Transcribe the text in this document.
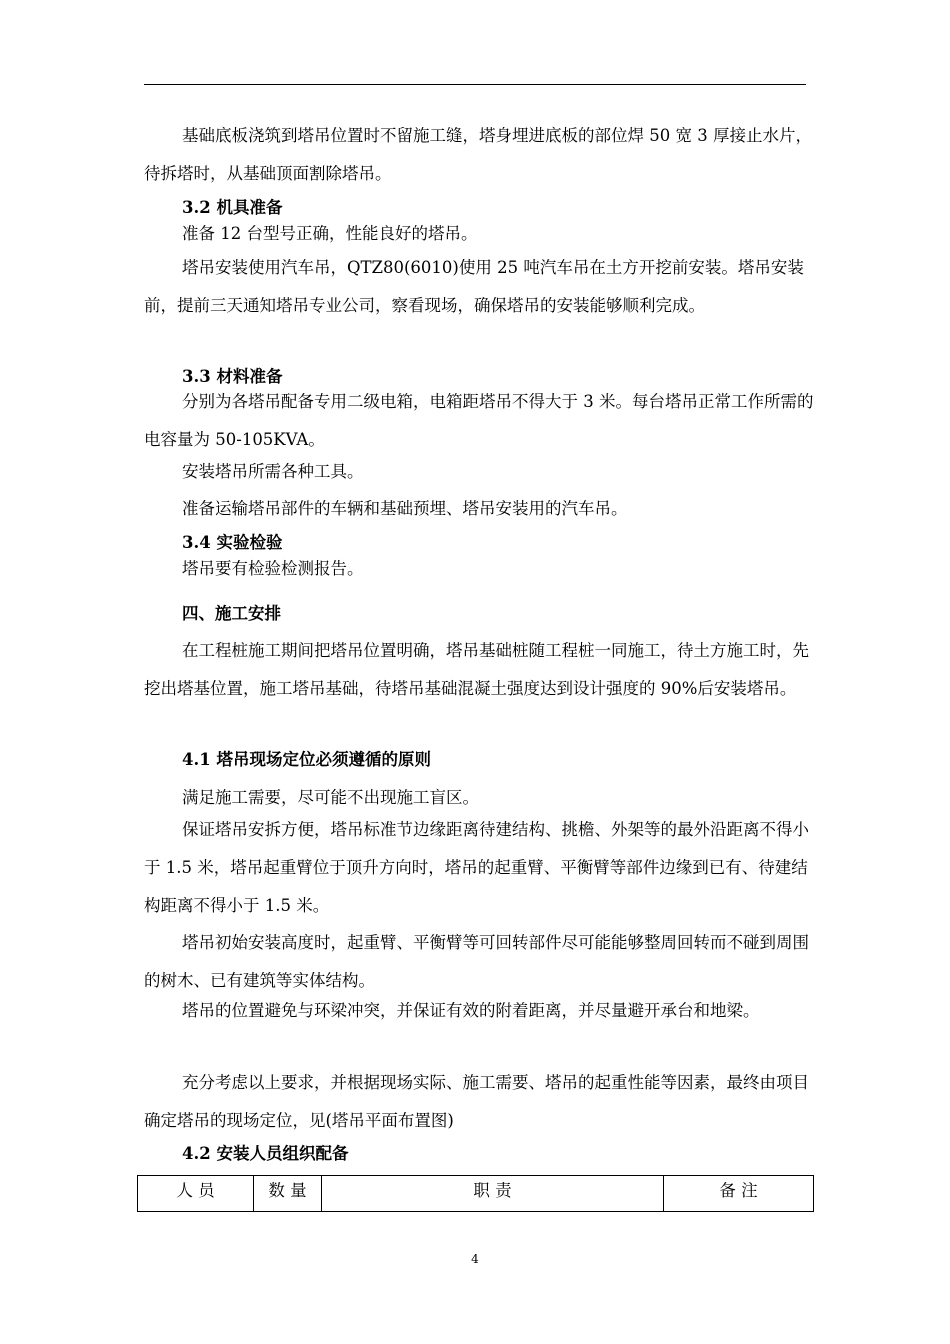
基础底板浇筑到塔吊位置时不留施工缝，塔身埋进底板的部位焊 50 宽 3 厚接止水片，待拆塔时，从基础顶面割除塔吊。

3.2 机具准备

准备 12 台型号正确，性能良好的塔吊。

塔吊安装使用汽车吊，QTZ80(6010)使用 25 吨汽车吊在土方开挖前安装。塔吊安装前，提前三天通知塔吊专业公司，察看现场，确保塔吊的安装能够顺利完成。

3.3 材料准备

分别为各塔吊配备专用二级电箱，电箱距塔吊不得大于 3 米。每台塔吊正常工作所需的电容量为 50-105KVA。

安装塔吊所需各种工具。

准备运输塔吊部件的车辆和基础预埋、塔吊安装用的汽车吊。

3.4 实验检验

塔吊要有检验检测报告。

四、施工安排

在工程桩施工期间把塔吊位置明确，塔吊基础桩随工程桩一同施工，待土方施工时，先挖出塔基位置，施工塔吊基础，待塔吊基础混凝土强度达到设计强度的 90%后安装塔吊。

4.1 塔吊现场定位必须遵循的原则

满足施工需要，尽可能不出现施工盲区。

保证塔吊安拆方便，塔吊标准节边缘距离待建结构、挑檐、外架等的最外沿距离不得小于 1.5 米，塔吊起重臂位于顶升方向时，塔吊的起重臂、平衡臂等部件边缘到已有、待建结构距离不得小于 1.5 米。

塔吊初始安装高度时，起重臂、平衡臂等可回转部件尽可能能够整周回转而不碰到周围的树木、已有建筑等实体结构。

塔吊的位置避免与环梁冲突，并保证有效的附着距离，并尽量避开承台和地梁。

充分考虑以上要求，并根据现场实际、施工需要、塔吊的起重性能等因素，最终由项目确定塔吊的现场定位，见(塔吊平面布置图)

4.2 安装人员组织配备

人 员	数 量	职 责	备 注
4
